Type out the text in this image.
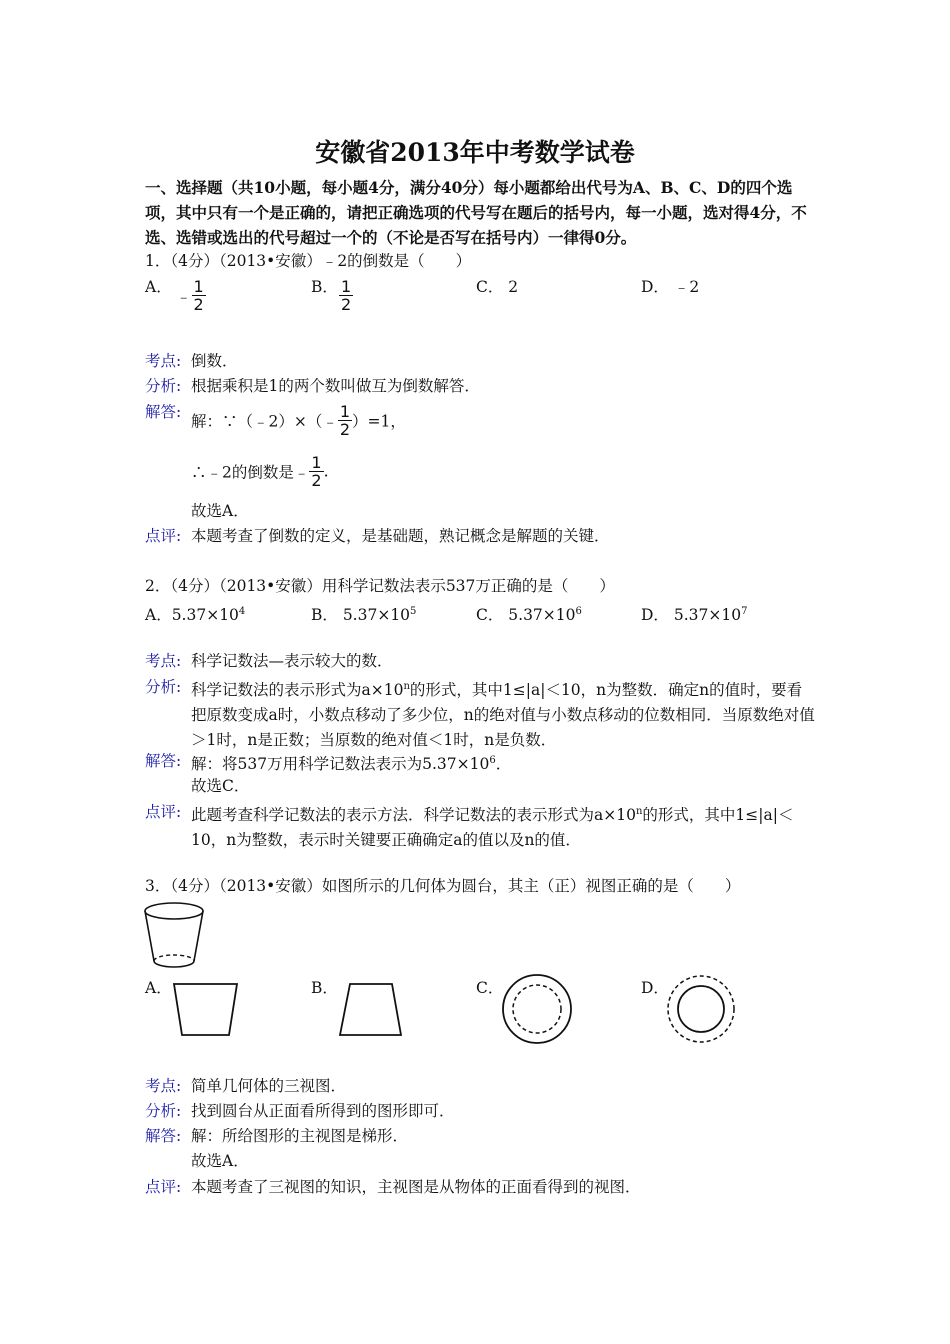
安徽省2013年中考数学试卷
一、选择题（共10小题，每小题4分，满分40分）每小题都给出代号为A、B、C、D的四个选项，其中只有一个是正确的，请把正确选项的代号写在题后的括号内，每一小题，选对得4分，不选、选错或选出的代号超过一个的（不论是否写在括号内）一律得0分。
1．（4分）（2013•安徽）﹣2的倒数是（　　）
A．
﹣ $\frac{1}{2}$	B． $\frac{1}{2}$	C． 2	D． ﹣2
考点: 倒数．
分析: 根据乘积是1的两个数叫做互为倒数解答．
解答:
解：∵（﹣2）×（﹣ $\frac{1}{2} )=1$，
∴﹣2的倒数是﹣ $\frac{1}{2}$ .
故选A．
点评: 本题考查了倒数的定义，是基础题，熟记概念是解题的关键．
2．（4分）（2013•安徽）用科学记数法表示537万正确的是（　　）
A．$5.37\times 10^4$	B． $5.37\times 10^5$	C． $5.37\times 10^6$	D． $5.37\times 10^7$
考点: 科学记数法—表示较大的数．
分析: 科学记数法的表示形式为$a\times 10^n$的形式，其中1≤|a|＜10，n为整数．确定n的值时，要看把原数变成a时，小数点移动了多少位，n的绝对值与小数点移动的位数相同．当原数绝对值＞1时，n是正数；当原数的绝对值＜1时，n是负数．
解答: 解：将537万用科学记数法表示为$5.37\times 10^6$．
故选C．
点评: 此题考查科学记数法的表示方法．科学记数法的表示形式为$a\times 10^n$的形式，其中1≤|a|＜10，n为整数，表示时关键要正确确定a的值以及n的值．
3．（4分）（2013•安徽）如图所示的几何体为圆台，其主（正）视图正确的是（　　）
A．	B．	C．	D．
考点: 简单几何体的三视图．
分析: 找到圆台从正面看所得到的图形即可．
解答: 解：所给图形的主视图是梯形．
故选A．
点评: 本题考查了三视图的知识，主视图是从物体的正面看得到的视图．
